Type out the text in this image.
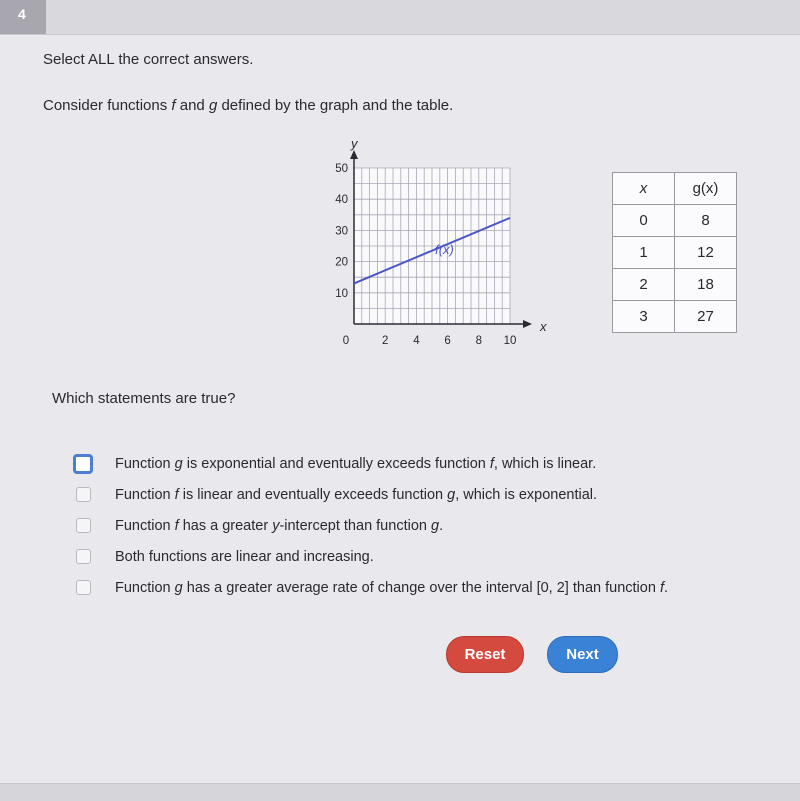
4
Select ALL the correct answers.
Consider functions f and g defined by the graph and the table.
x
y
0	2 4 6 8 10
10
20
30
40
50
f(x)
x	g(x)
0	8
1	12
2	18
3	27
Which statements are true?
Function g is exponential and eventually exceeds function f, which is linear.
Function f is linear and eventually exceeds function g, which is exponential.
Function f has a greater y-intercept than function g.
Both functions are linear and increasing.
Function g has a greater average rate of change over the interval [0, 2] than function f.
Reset	Next
